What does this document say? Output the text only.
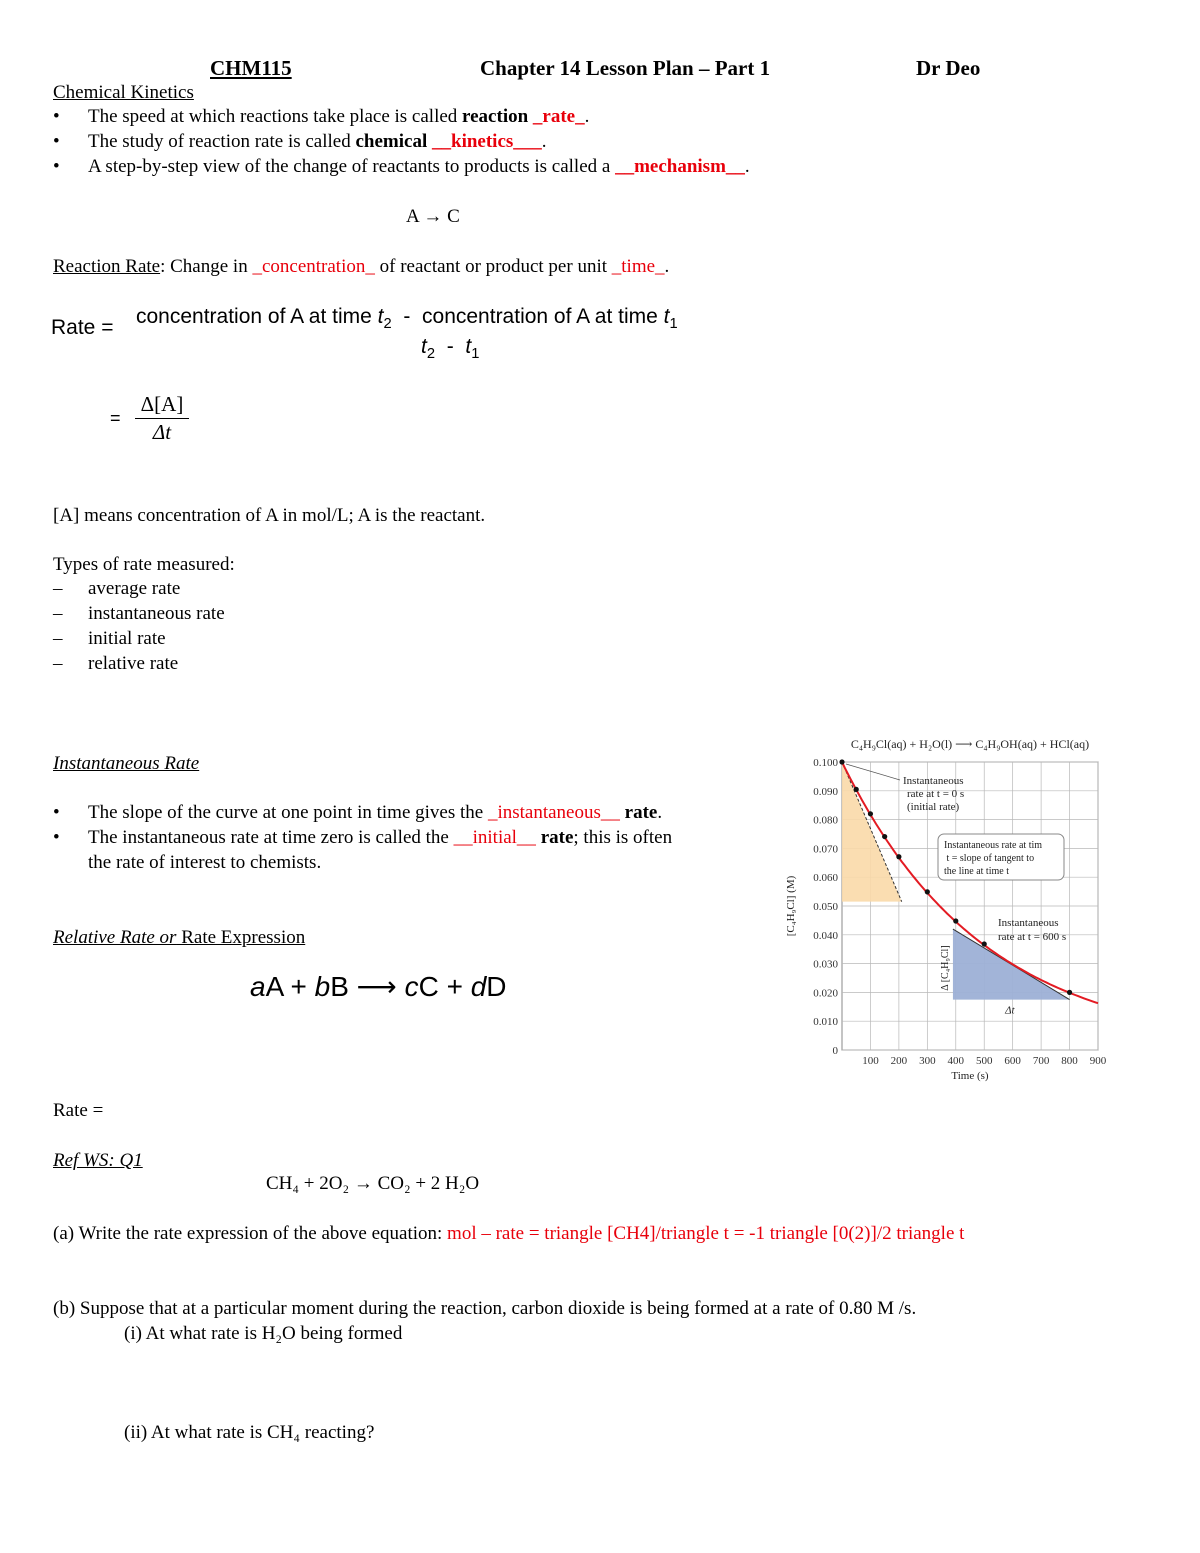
CHM115	Chapter 14 Lesson Plan – Part 1	Dr Deo
Chemical Kinetics
• The speed at which reactions take place is called reaction _rate_.
• The study of reaction rate is called chemical __kinetics___.
• A step-by-step view of the change of reactants to products is called a __mechanism__.
A → C
Reaction Rate: Change in _concentration_ of reactant or product per unit _time_.
Rate = concentration of A at time $t_2$ - concentration of A at time $t_1$
$t_2 - t_1$
=
Δ[A]
Δt
[A] means concentration of A in mol/L; A is the reactant.
Types of rate measured:
– average rate
– instantaneous rate
– initial rate
– relative rate
Instantaneous Rate
• The slope of the curve at one point in time gives the _instantaneous__ rate.
• The instantaneous rate at time zero is called the __initial__ rate; this is often
the rate of interest to chemists.
Relative Rate or Rate Expression
aA + bB ⟶ cC + dD
Rate =
Ref WS: Q1
CH₄ + 2O₂ → CO₂ + 2 H₂O
(a) Write the rate expression of the above equation: mol – rate = triangle [CH4]/triangle t = -1 triangle [0(2)]/2 triangle t
(b) Suppose that at a particular moment during the reaction, carbon dioxide is being formed at a rate of 0.80 M /s.
(i) At what rate is H₂O being formed
(ii) At what rate is CH₄ reacting?
0
0.010
0.020
0.030
0.040
0.050
0.060
0.070
0.080
0.090
0.100
100 200 300 400 500 600 700 800 900
C₄H₉Cl(aq) + H₂O(l) ⟶ C₄H₉OH(aq) + HCl(aq)
Time (s)
[C₄H₉Cl] (M)
Instantaneous rate at t = 0 s (initial rate)
Instantaneous rate at tim t = slope of tangent to the line at time t
Instantaneous rate at t = 600 s
Δ [C₄H₉Cl]
Δt
